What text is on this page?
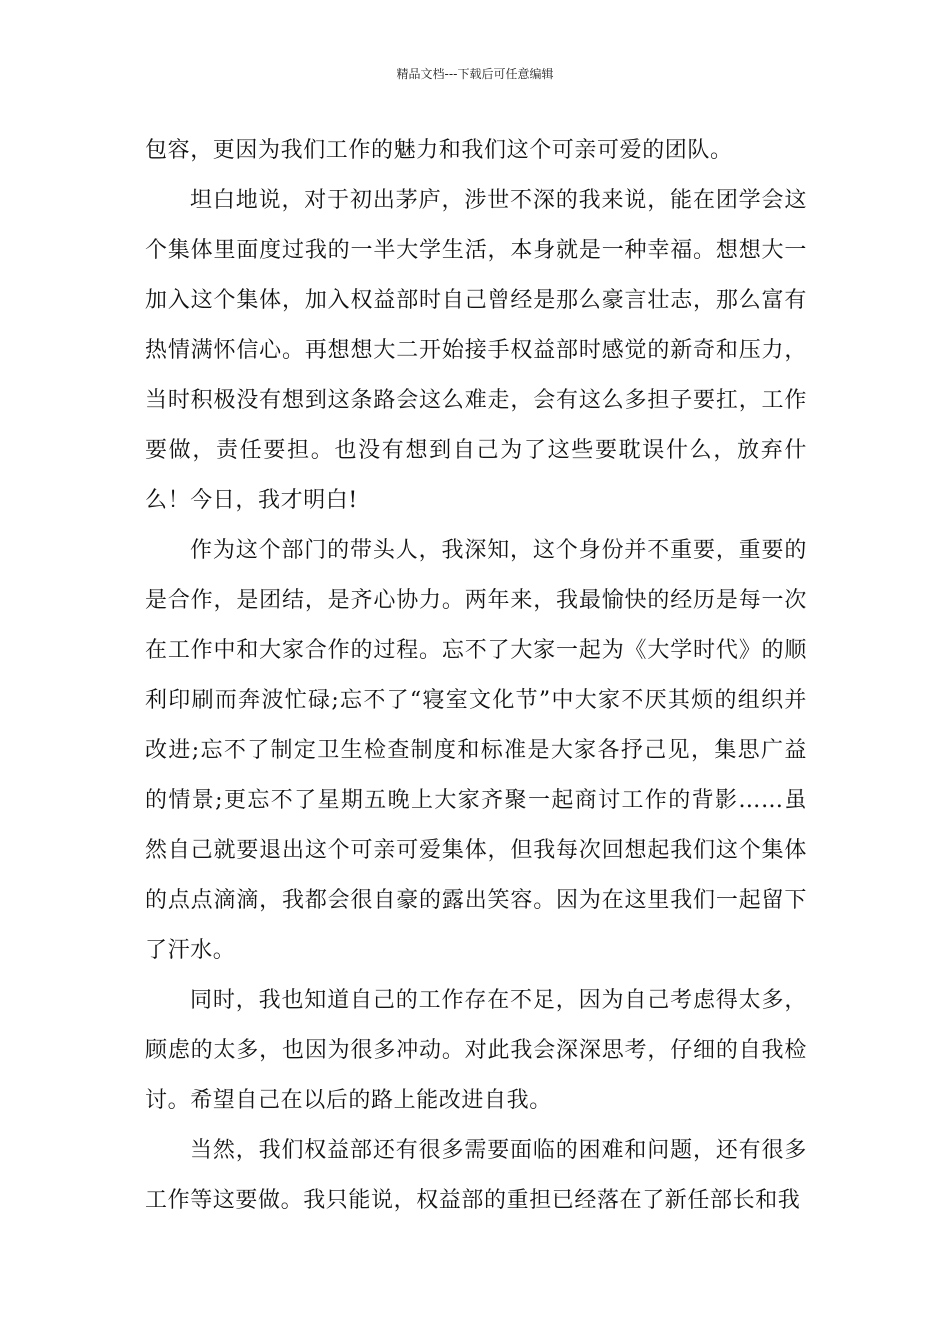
精品文档---下载后可任意编辑

包容，更因为我们工作的魅力和我们这个可亲可爱的团队。

坦白地说，对于初出茅庐，涉世不深的我来说，能在团学会这个集体里面度过我的一半大学生活，本身就是一种幸福。想想大一加入这个集体，加入权益部时自己曾经是那么豪言壮志，那么富有热情满怀信心。再想想大二开始接手权益部时感觉的新奇和压力，当时积极没有想到这条路会这么难走，会有这么多担子要扛，工作要做，责任要担。也没有想到自己为了这些要耽误什么，放弃什么！今日，我才明白!

作为这个部门的带头人，我深知，这个身份并不重要，重要的是合作，是团结，是齐心协力。两年来，我最愉快的经历是每一次在工作中和大家合作的过程。忘不了大家一起为《大学时代》的顺利印刷而奔波忙碌;忘不了“寝室文化节”中大家不厌其烦的组织并改进;忘不了制定卫生检查制度和标准是大家各抒己见，集思广益的情景;更忘不了星期五晚上大家齐聚一起商讨工作的背影……虽然自己就要退出这个可亲可爱集体，但我每次回想起我们这个集体的点点滴滴，我都会很自豪的露出笑容。因为在这里我们一起留下了汗水。

同时，我也知道自己的工作存在不足，因为自己考虑得太多，顾虑的太多，也因为很多冲动。对此我会深深思考，仔细的自我检讨。希望自己在以后的路上能改进自我。

当然，我们权益部还有很多需要面临的困难和问题，还有很多工作等这要做。我只能说，权益部的重担已经落在了新任部长和我
